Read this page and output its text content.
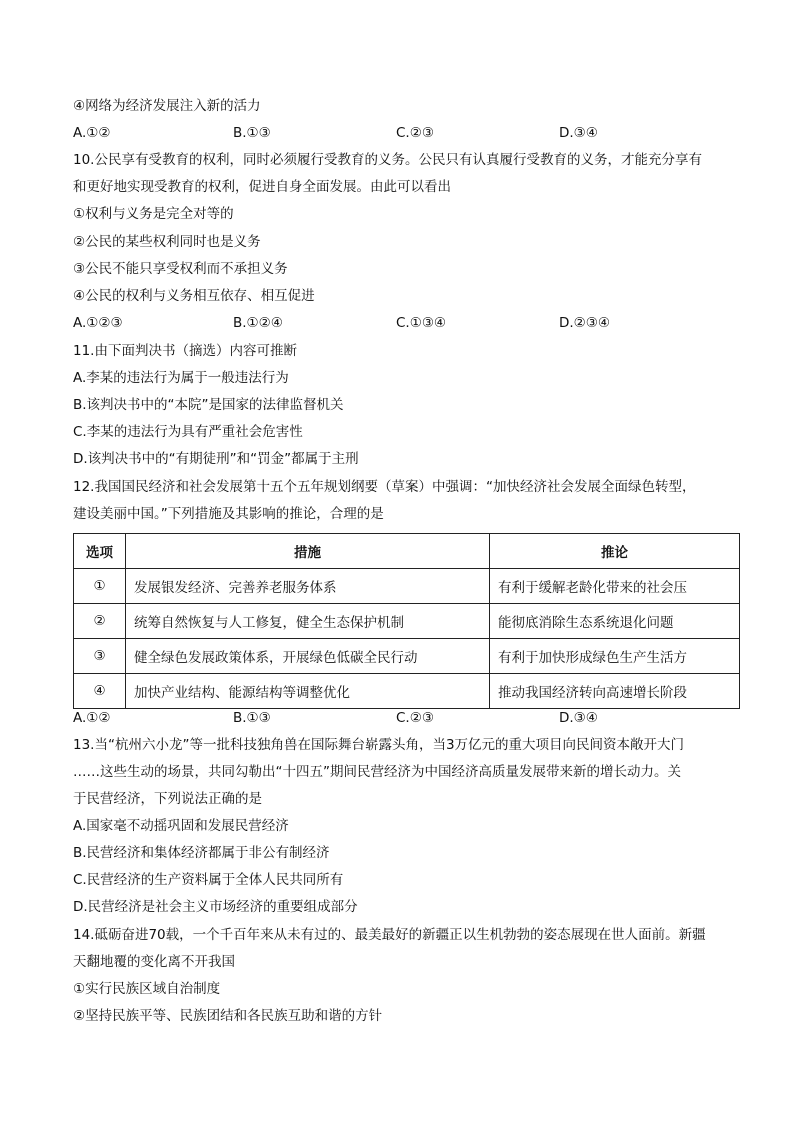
④网络为经济发展注入新的活力
A.①②	B.①③	C.②③	D.③④
10.公民享有受教育的权利，同时必须履行受教育的义务。公民只有认真履行受教育的义务，才能充分享有
和更好地实现受教育的权利，促进自身全面发展。由此可以看出
①权利与义务是完全对等的
②公民的某些权利同时也是义务
③公民不能只享受权利而不承担义务
④公民的权利与义务相互依存、相互促进
A.①②③	B.①②④	C.①③④	D.②③④
11.由下面判决书（摘选）内容可推断
A.李某的违法行为属于一般违法行为
B.该判决书中的“本院”是国家的法律监督机关
C.李某的违法行为具有严重社会危害性
D.该判决书中的“有期徒刑”和“罚金”都属于主刑
12.我国国民经济和社会发展第十五个五年规划纲要（草案）中强调：“加快经济社会发展全面绿色转型，
建设美丽中国。”下列措施及其影响的推论，合理的是
选项	措施	推论
①	发展银发经济、完善养老服务体系	有利于缓解老龄化带来的社会压
②	统筹自然恢复与人工修复，健全生态保护机制	能彻底消除生态系统退化问题
③	健全绿色发展政策体系，开展绿色低碳全民行动	有利于加快形成绿色生产生活方
④	加快产业结构、能源结构等调整优化	推动我国经济转向高速增长阶段
A.①②	B.①③	C.②③	D.③④
13.当“杭州六小龙”等一批科技独角兽在国际舞台崭露头角，当3万亿元的重大项目向民间资本敞开大门
……这些生动的场景，共同勾勒出“十四五”期间民营经济为中国经济高质量发展带来新的增长动力。关
于民营经济，下列说法正确的是
A.国家毫不动摇巩固和发展民营经济
B.民营经济和集体经济都属于非公有制经济
C.民营经济的生产资料属于全体人民共同所有
D.民营经济是社会主义市场经济的重要组成部分
14.砥砺奋进70载，一个千百年来从未有过的、最美最好的新疆正以生机勃勃的姿态展现在世人面前。新疆
天翻地覆的变化离不开我国
①实行民族区域自治制度
②坚持民族平等、民族团结和各民族互助和谐的方针
